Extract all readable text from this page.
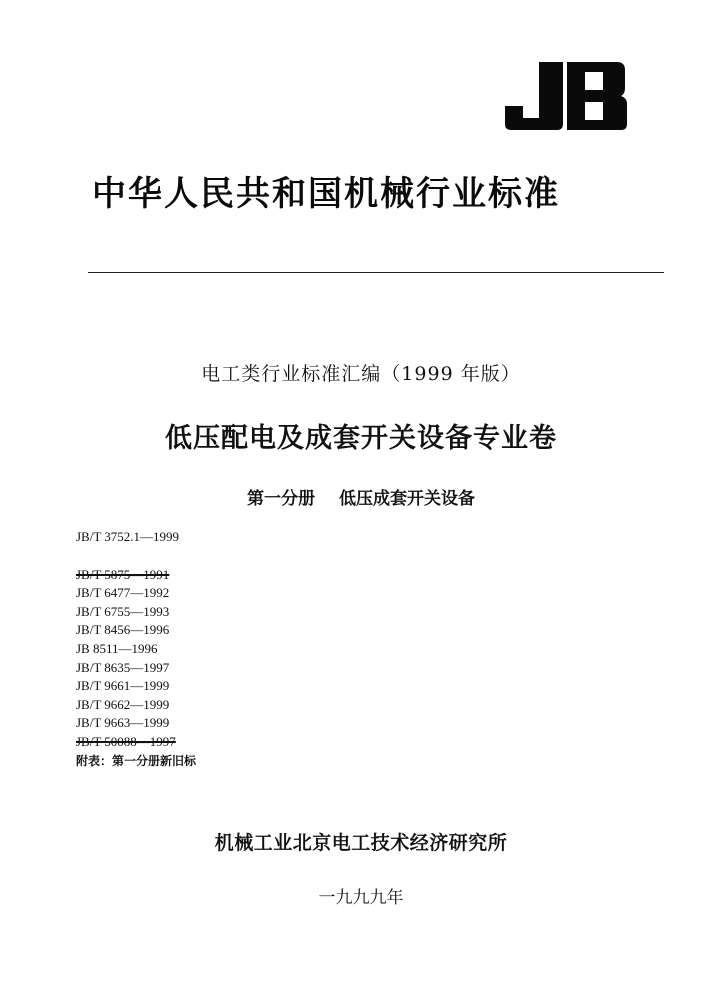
中华人民共和国机械行业标准
电工类行业标准汇编（1999 年版）
低压配电及成套开关设备专业卷
第一分册 低压成套开关设备
JB/T 3752.1—1999
JB/T 5875—1991
JB/T 6477—1992
JB/T 6755—1993
JB/T 8456—1996
JB 8511—1996
JB/T 8635—1997
JB/T 9661—1999
JB/T 9662—1999
JB/T 9663—1999
JB/T 50088—1997
附表：第一分册新旧标
机械工业北京电工技术经济研究所
一九九九年
